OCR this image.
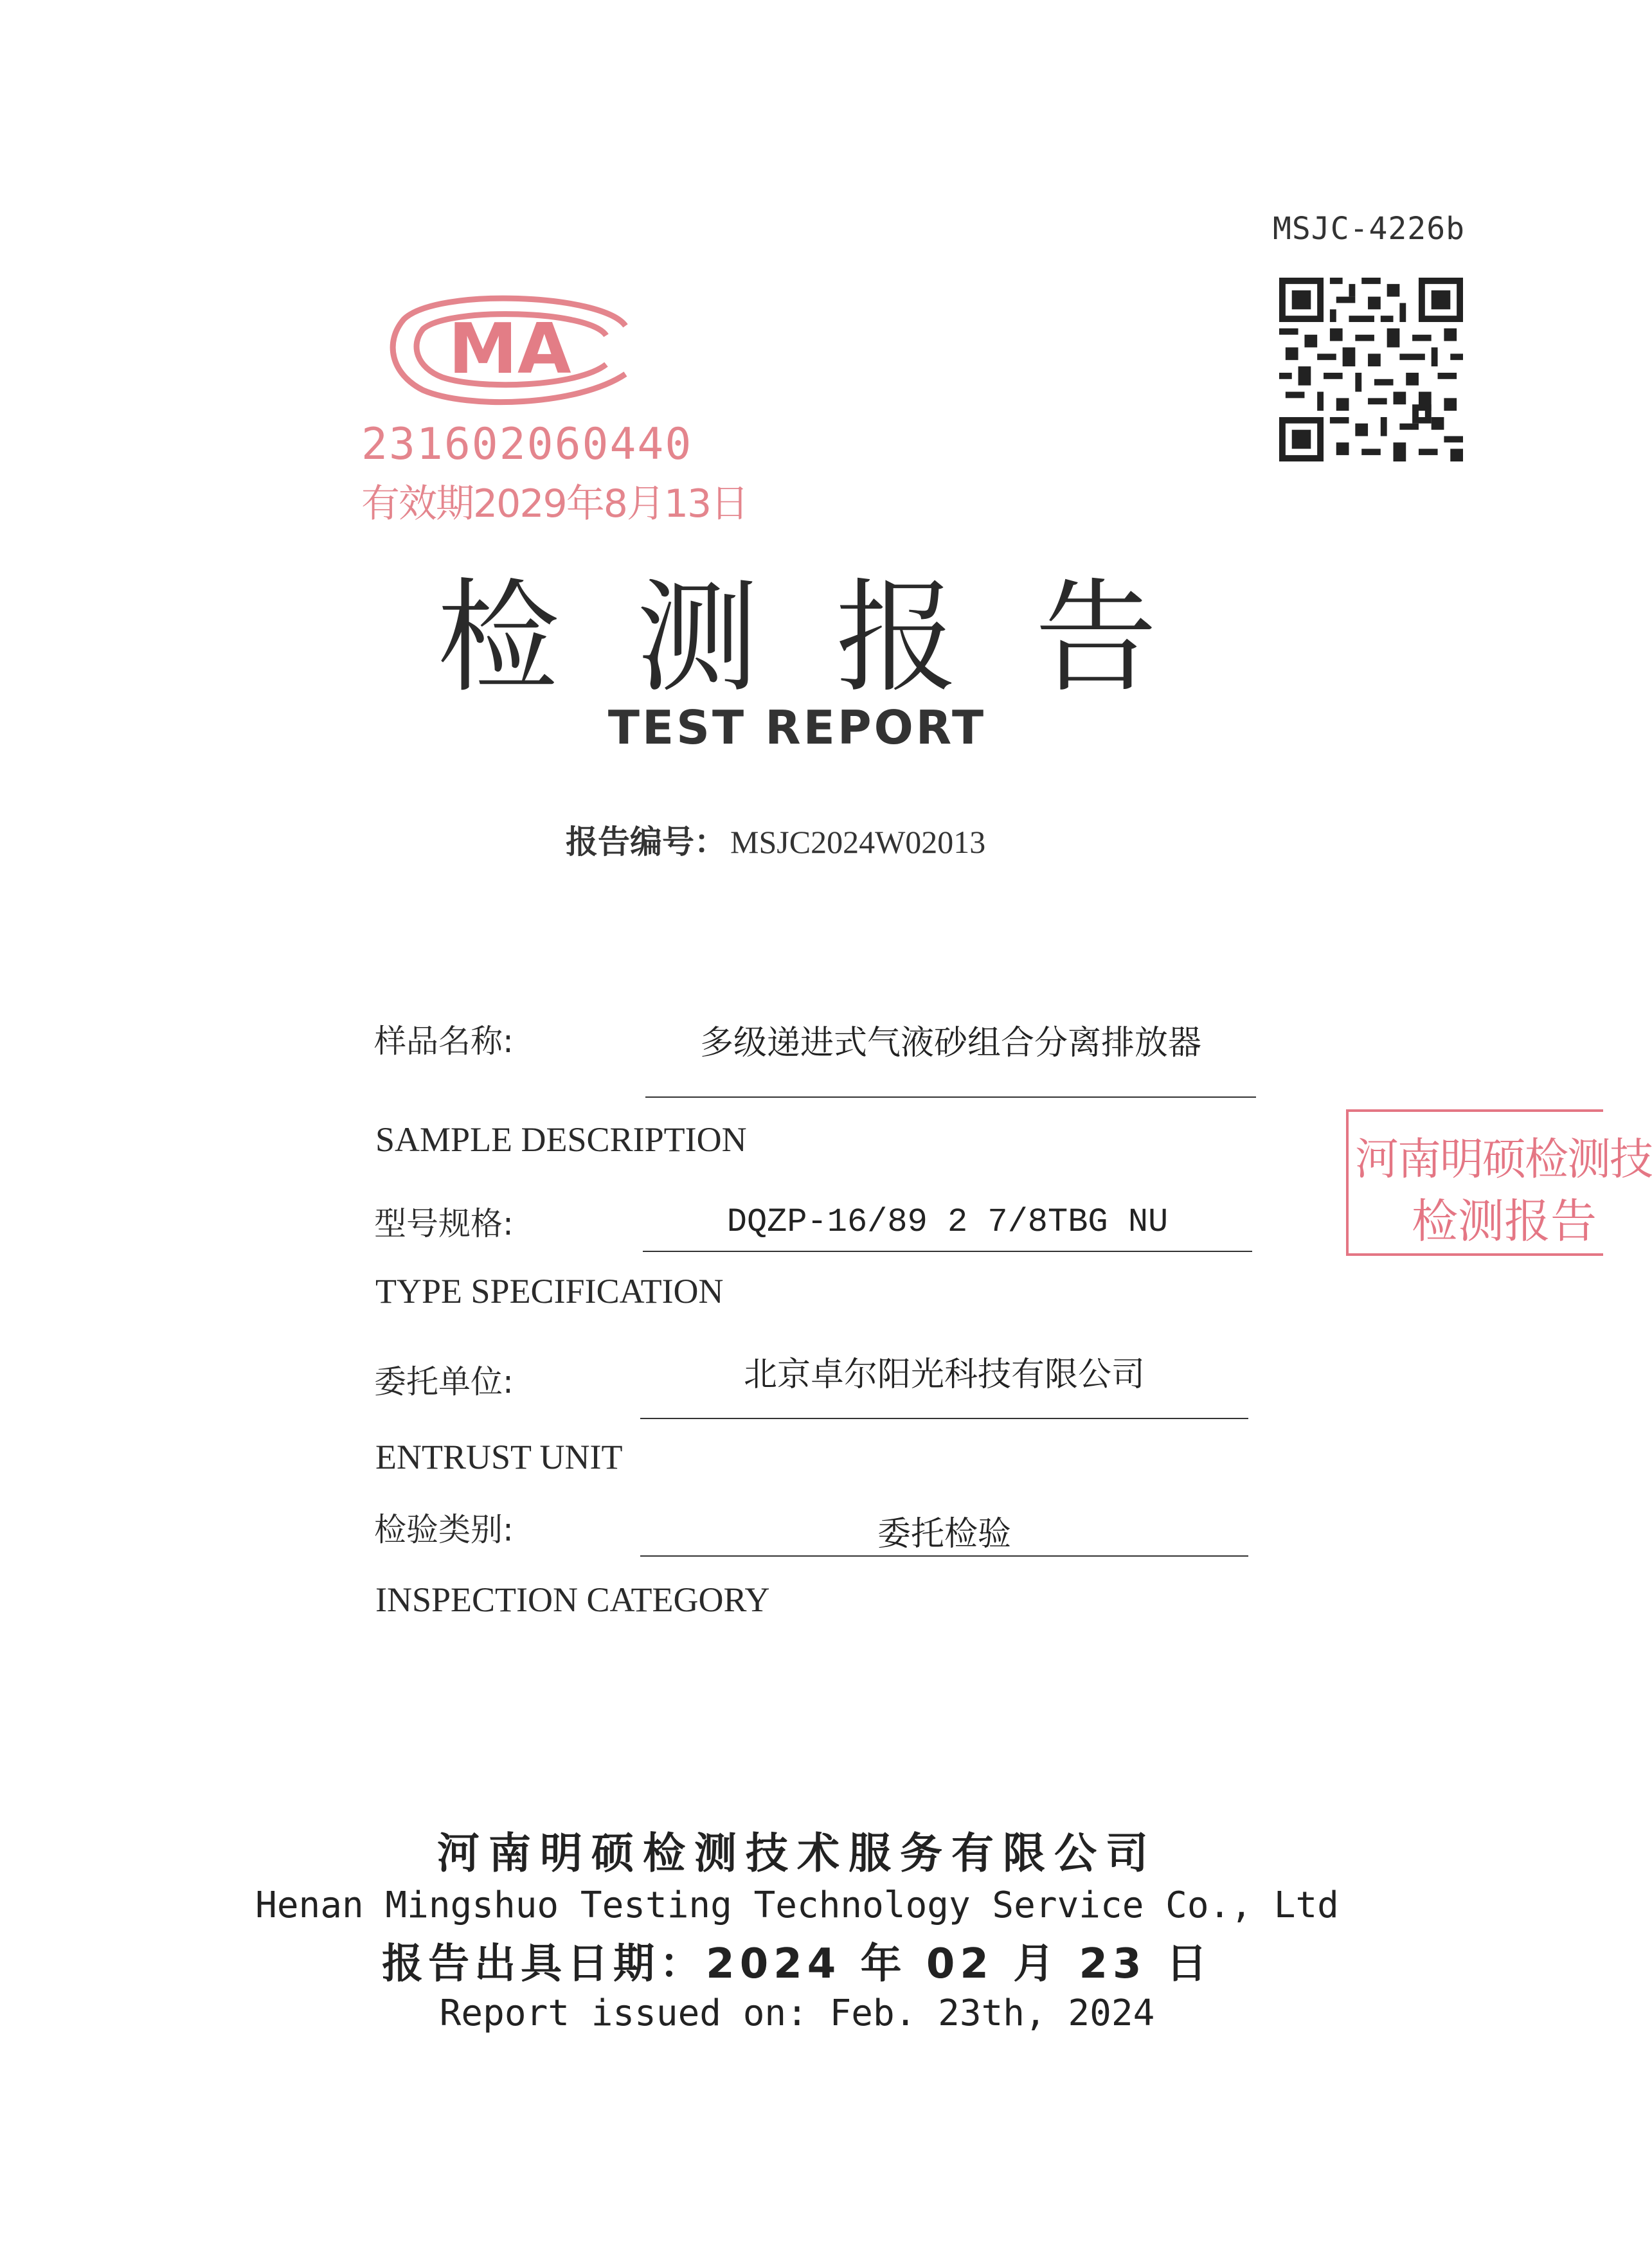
MSJC-4226b
MA
231602060440
有效期2029年8月13日
检测报告
TEST REPORT
报告编号： MSJC2024W02013
样品名称:	多级递进式气液砂组合分离排放器
SAMPLE DESCRIPTION
型号规格:	DQZP-16/89 2 7/8TBG NU
TYPE SPECIFICATION
委托单位:	北京卓尔阳光科技有限公司
ENTRUST UNIT
检验类别:	委托检验
INSPECTION CATEGORY
河南明硕检测技
检测报告
河南明硕检测技术服务有限公司
Henan Mingshuo Testing Technology Service Co., Ltd
报告出具日期：2024 年 02 月 23 日
Report issued on: Feb. 23th, 2024
